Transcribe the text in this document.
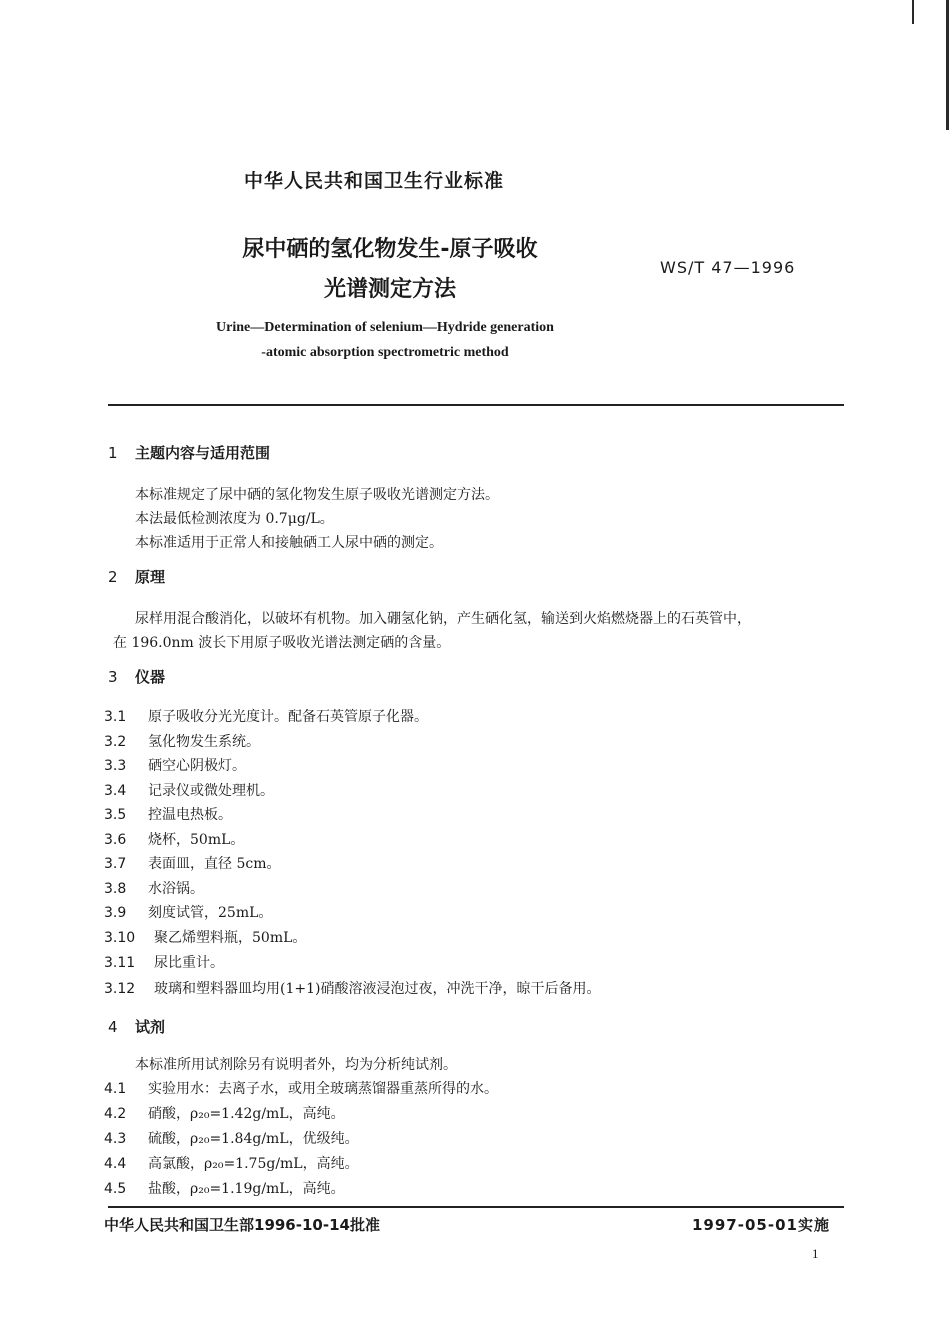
中华人民共和国卫生行业标准
尿中硒的氢化物发生-原子吸收
光谱测定方法
WS/T 47—1996
Urine—Determination of selenium—Hydride generation
-atomic absorption spectrometric method
1 主题内容与适用范围
本标准规定了尿中硒的氢化物发生原子吸收光谱测定方法。
本法最低检测浓度为 0.7μg/L。
本标准适用于正常人和接触硒工人尿中硒的测定。
2 原理
尿样用混合酸消化，以破坏有机物。加入硼氢化钠，产生硒化氢，输送到火焰燃烧器上的石英管中，
在 196.0nm 波长下用原子吸收光谱法测定硒的含量。
3 仪器
3.1 原子吸收分光光度计。配备石英管原子化器。
3.2 氢化物发生系统。
3.3 硒空心阴极灯。
3.4 记录仪或微处理机。
3.5 控温电热板。
3.6 烧杯，50mL。
3.7 表面皿，直径 5cm。
3.8 水浴锅。
3.9 刻度试管，25mL。
3.10 聚乙烯塑料瓶，50mL。
3.11 尿比重计。
3.12 玻璃和塑料器皿均用(1+1)硝酸溶液浸泡过夜，冲洗干净，晾干后备用。
4 试剂
本标准所用试剂除另有说明者外，均为分析纯试剂。
4.1 实验用水：去离子水，或用全玻璃蒸馏器重蒸所得的水。
4.2 硝酸，ρ₂₀=1.42g/mL，高纯。
4.3 硫酸，ρ₂₀=1.84g/mL，优级纯。
4.4 高氯酸，ρ₂₀=1.75g/mL，高纯。
4.5 盐酸，ρ₂₀=1.19g/mL，高纯。
中华人民共和国卫生部1996-10-14批准	1997-05-01实施
1
